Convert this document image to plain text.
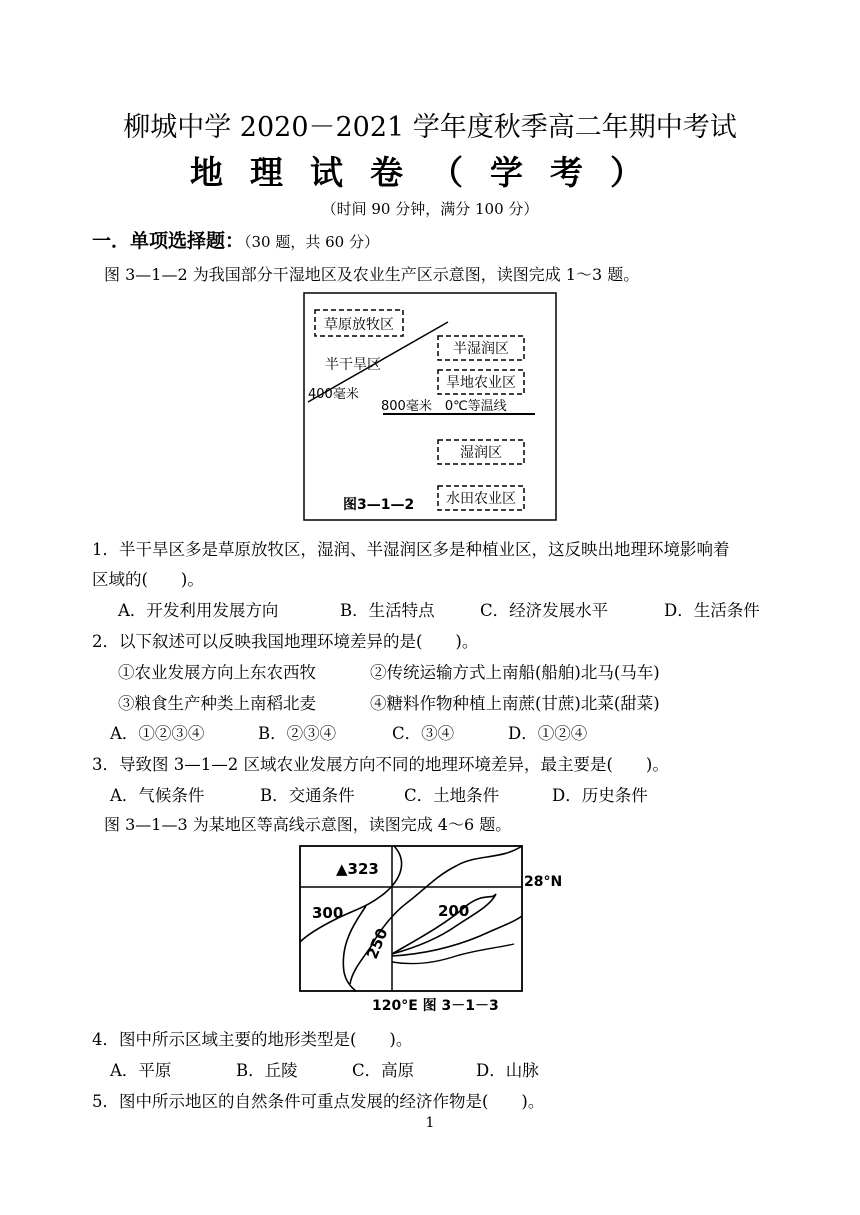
柳城中学 2020－2021 学年度秋季高二年期中考试
地理试卷（学考）
（时间 90 分钟，满分 100 分）
一．单项选择题：（30 题，共 60 分）
图 3—1—2 为我国部分干湿地区及农业生产区示意图，读图完成 1～3 题。
草原放牧区
半干旱区
400毫米
半湿润区
旱地农业区
800毫米　0℃等温线
湿润区
水田农业区
图3—1—2
1．半干旱区多是草原放牧区，湿润、半湿润区多是种植业区，这反映出地理环境影响着
区域的(　　)。
A．开发利用发展方向	B．生活特点	C．经济发展水平	D．生活条件
2．以下叙述可以反映我国地理环境差异的是(　　)。
①农业发展方向上东农西牧	②传统运输方式上南船(船舶)北马(马车)
③粮食生产种类上南稻北麦	④糖料作物种植上南蔗(甘蔗)北菜(甜菜)
A．①②③④	B．②③④	C．③④	D．①②④
3．导致图 3—1—2 区域农业发展方向不同的地理环境差异，最主要是(　　)。
A．气候条件	B．交通条件	C．土地条件	D．历史条件
图 3—1—3 为某地区等高线示意图，读图完成 4～6 题。
▲323
28°N
300	200
250
120°E 图 3－1－3
4．图中所示区域主要的地形类型是(　　)。
A．平原	B．丘陵	C．高原	D．山脉
5．图中所示地区的自然条件可重点发展的经济作物是(　　)。
1
